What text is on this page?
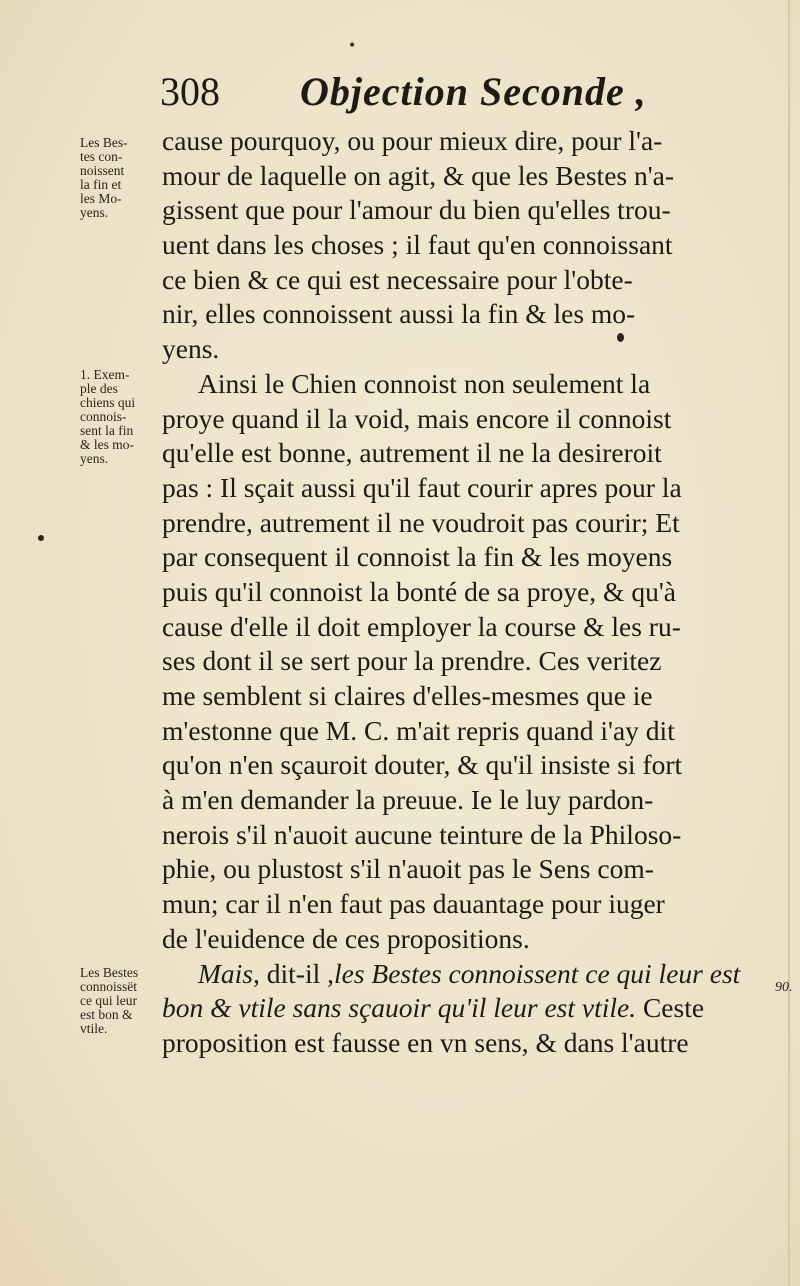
•
308 Objection Seconde ,
Les Bes-
tes con-
noissent
la fin et
les Mo-
yens.
1. Exem-
ple des
chiens qui
connois-
sent la fin
& les mo-
yens.
Les Bestes
connoissët
ce qui leur
est bon &
vtile.
90.
cause pourquoy, ou pour mieux dire, pour l'a-
mour de laquelle on agit, & que les Bestes n'a-
gissent que pour l'amour du bien qu'elles trou-
uent dans les choses ; il faut qu'en connoissant
ce bien & ce qui est necessaire pour l'obte-
nir, elles connoissent aussi la fin & les mo-
yens.
Ainsi le Chien connoist non seulement la
proye quand il la void, mais encore il connoist
qu'elle est bonne, autrement il ne la desireroit
pas : Il sçait aussi qu'il faut courir apres pour la
prendre, autrement il ne voudroit pas courir; Et
par consequent il connoist la fin & les moyens
puis qu'il connoist la bonté de sa proye, & qu'à
cause d'elle il doit employer la course & les ru-
ses dont il se sert pour la prendre. Ces veritez
me semblent si claires d'elles-mesmes que ie
m'estonne que M. C. m'ait repris quand i'ay dit
qu'on n'en sçauroit douter, & qu'il insiste si fort
à m'en demander la preuue. Ie le luy pardon-
nerois s'il n'auoit aucune teinture de la Philoso-
phie, ou plustost s'il n'auoit pas le Sens com-
mun; car il n'en faut pas dauantage pour iuger
de l'euidence de ces propositions.
Mais, dit-il ,les Bestes connoissent ce qui leur est
bon & vtile sans sçauoir qu'il leur est vtile. Ceste
proposition est fausse en vn sens, & dans l'autre
